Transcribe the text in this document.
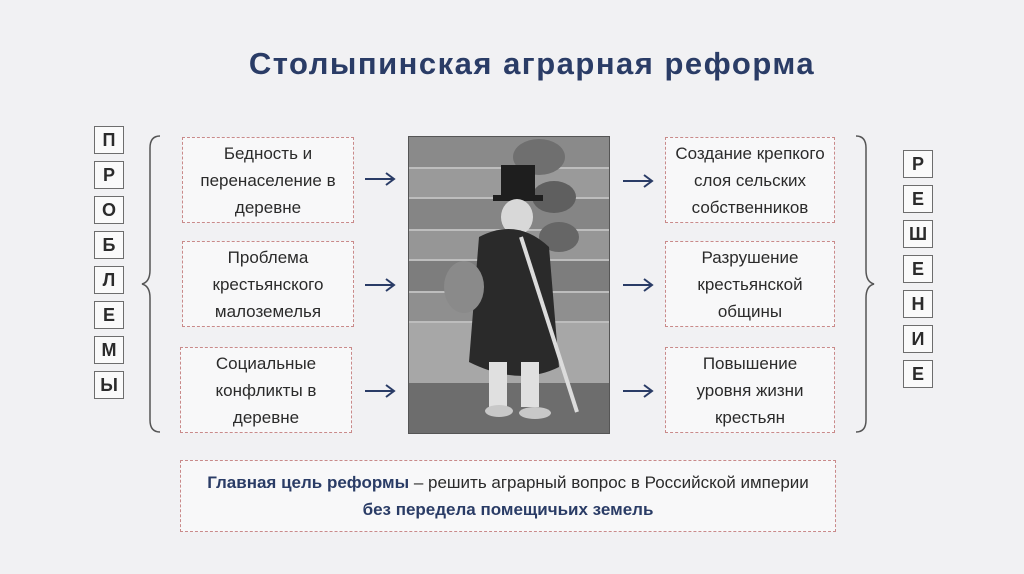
Столыпинская аграрная реформа
П
Р
О
Б
Л
Е
М
Ы
Р
Е
Ш
Е
Н
И
Е
Бедность и
перенаселение в
деревне
Проблема
крестьянского
малоземелья
Социальные
конфликты в
деревне
Создание крепкого
слоя сельских
собственников
Разрушение
крестьянской
общины
Повышение
уровня жизни
крестьян
Главная цель реформы – решить аграрный вопрос в Российской империи
без передела помещичьих земель
